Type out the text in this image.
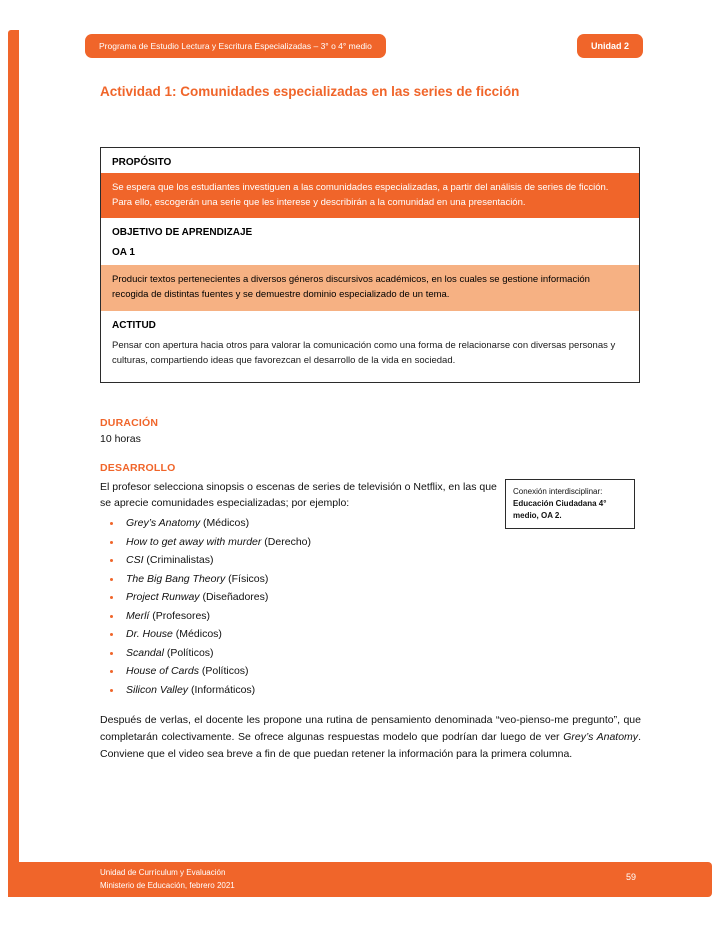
Programa de Estudio Lectura y Escritura Especializadas – 3° o 4° medio	Unidad 2
Actividad 1: Comunidades especializadas en las series de ficción
PROPÓSITO
Se espera que los estudiantes investiguen a las comunidades especializadas, a partir del análisis de series de ficción. Para ello, escogerán una serie que les interese y describirán a la comunidad en una presentación.
OBJETIVO DE APRENDIZAJE
OA 1
Producir textos pertenecientes a diversos géneros discursivos académicos, en los cuales se gestione información recogida de distintas fuentes y se demuestre dominio especializado de un tema.
ACTITUD
Pensar con apertura hacia otros para valorar la comunicación como una forma de relacionarse con diversas personas y culturas, compartiendo ideas que favorezcan el desarrollo de la vida en sociedad.
DURACIÓN
10 horas
DESARROLLO

El profesor selecciona sinopsis o escenas de series de televisión o Netflix, en las que se aprecie comunidades especializadas; por ejemplo:

Conexión interdisciplinar:
Educación Ciudadana 4° medio, OA 2.
• Grey’s Anatomy (Médicos)
• How to get away with murder (Derecho)
• CSI (Criminalistas)
• The Big Bang Theory (Físicos)
• Project Runway (Diseñadores)
• Merlí (Profesores)
• Dr. House (Médicos)
• Scandal (Políticos)
• House of Cards (Políticos)
• Silicon Valley (Informáticos)

Después de verlas, el docente les propone una rutina de pensamiento denominada “veo-pienso-me pregunto”, que completarán colectivamente. Se ofrece algunas respuestas modelo que podrían dar luego de ver Grey’s Anatomy. Conviene que el video sea breve a fin de que puedan retener la información para la primera columna.

Unidad de Currículum y Evaluación
Ministerio de Educación, febrero 2021
59
